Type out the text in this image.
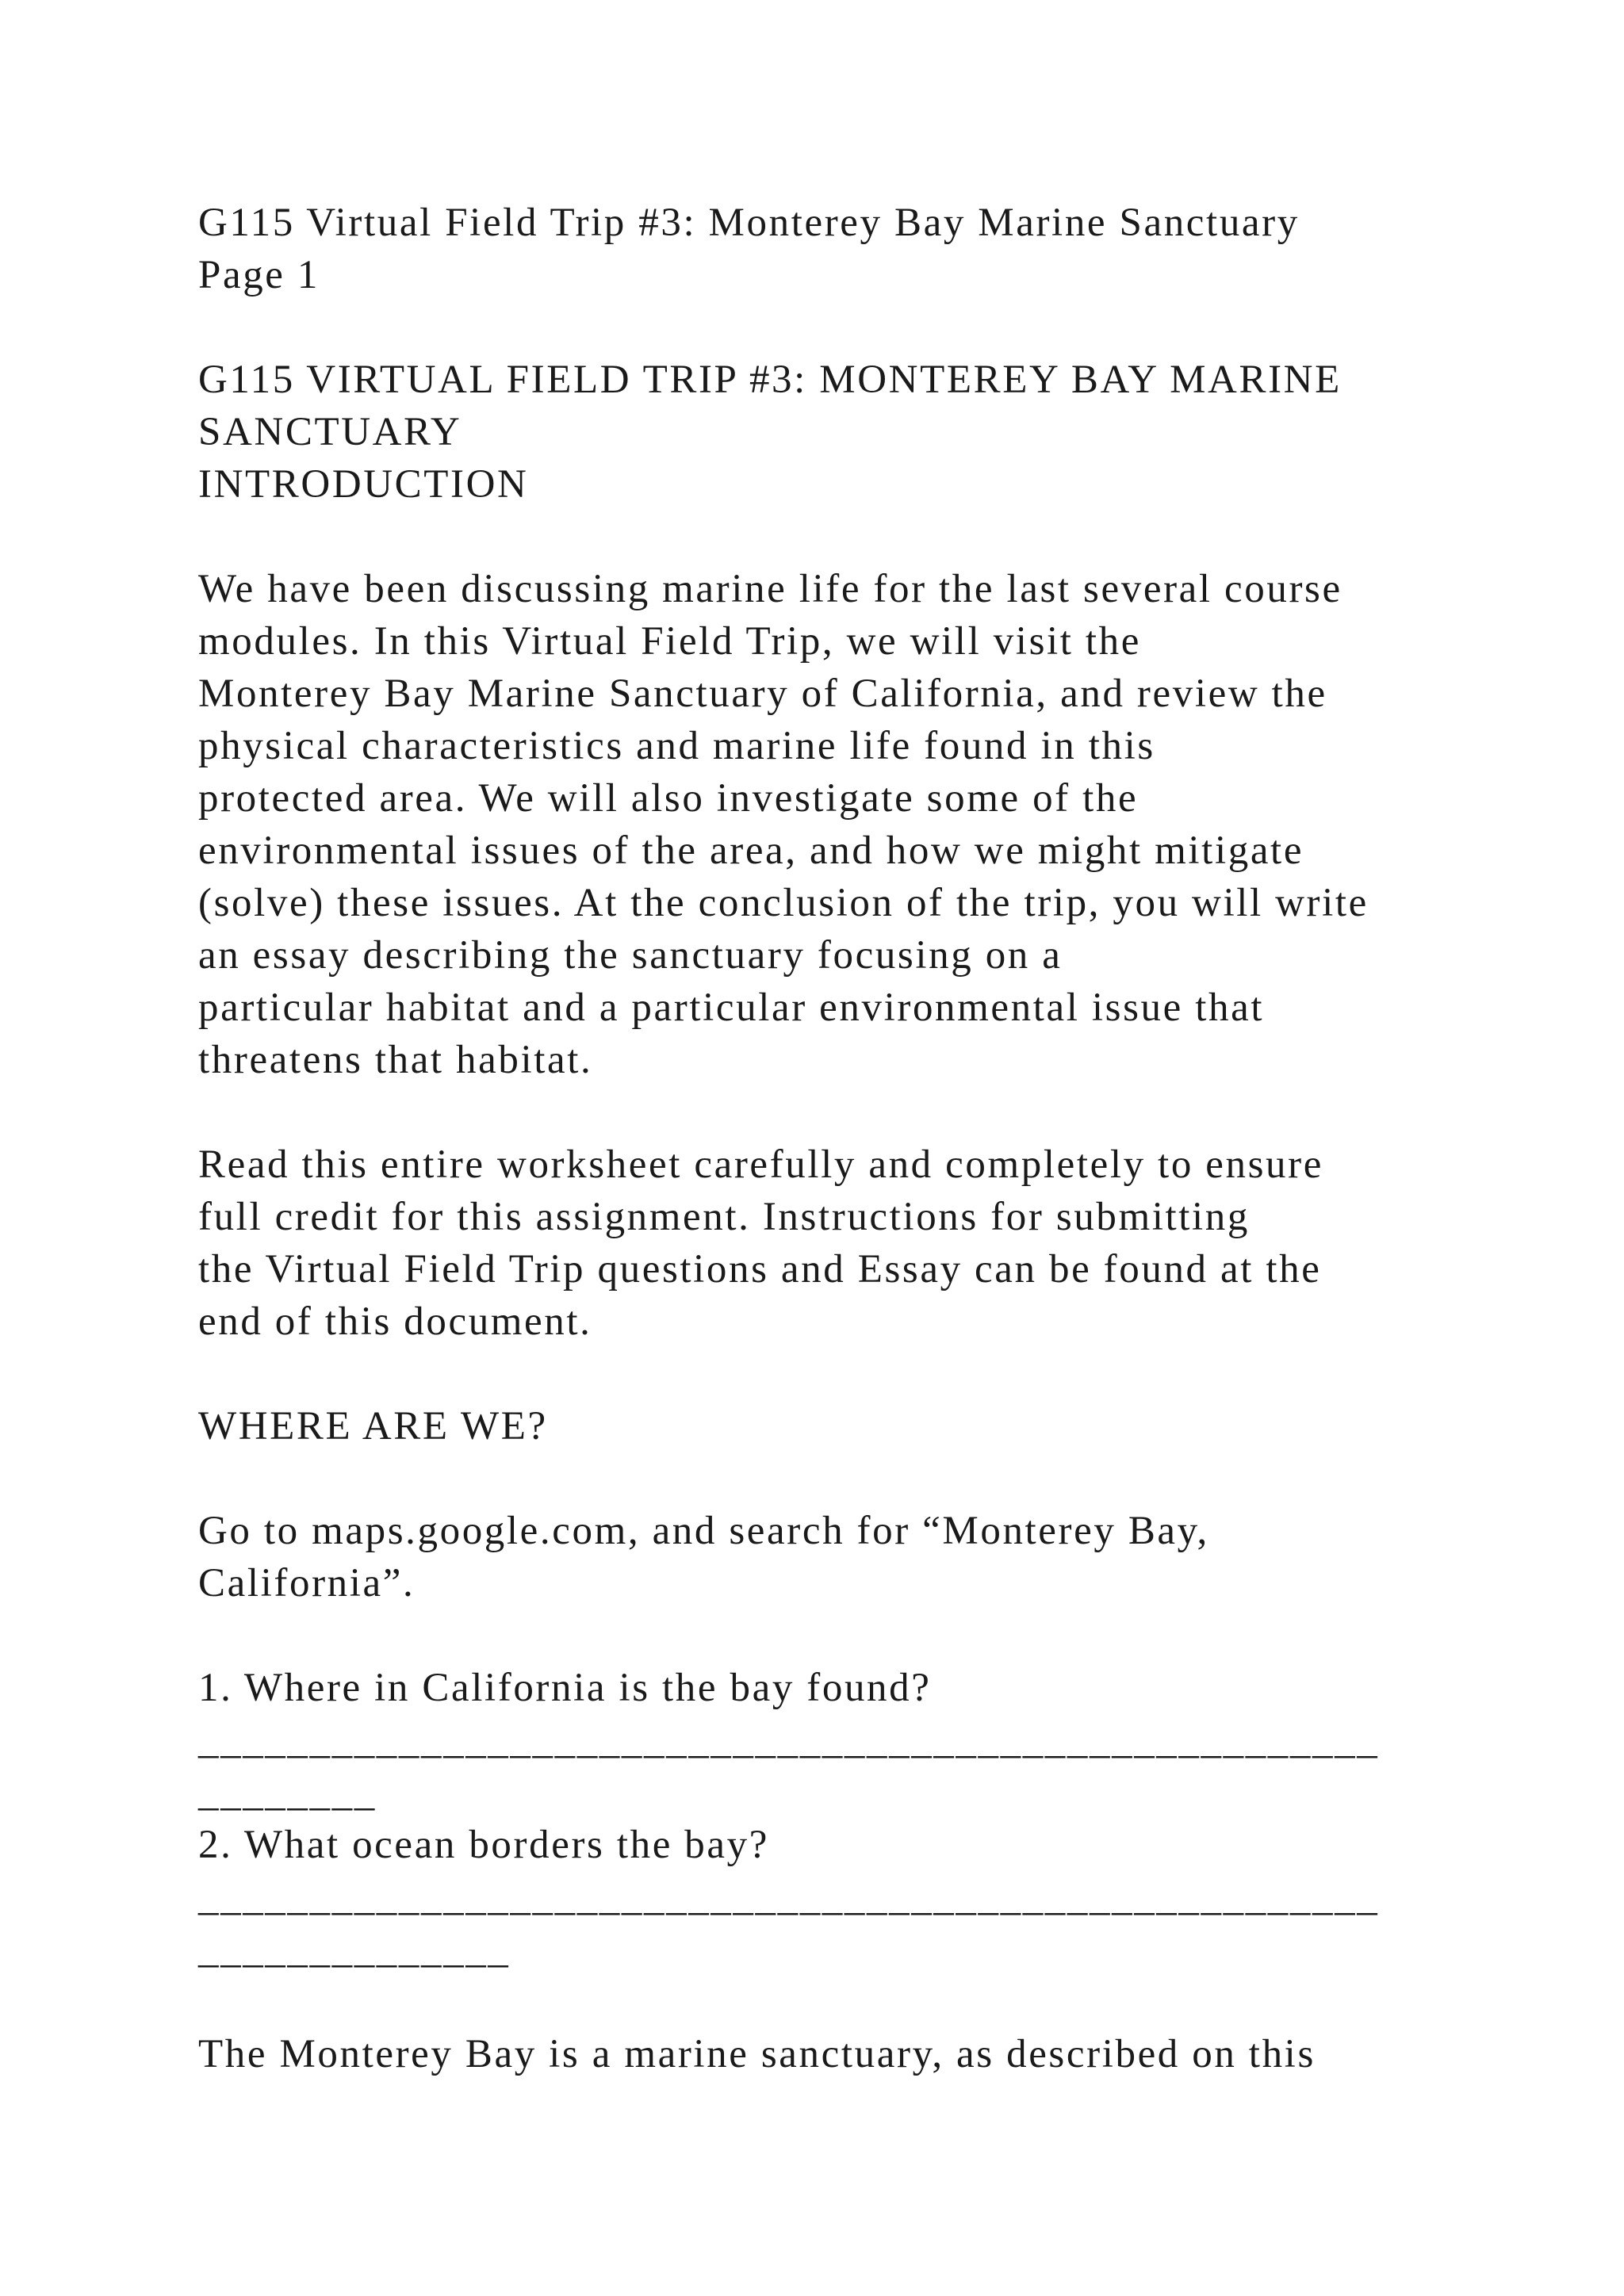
G115 Virtual Field Trip #3: Monterey Bay Marine Sanctuary
Page 1
G115 VIRTUAL FIELD TRIP #3: MONTEREY BAY MARINE
SANCTUARY
INTRODUCTION
We have been discussing marine life for the last several course
modules. In this Virtual Field Trip, we will visit the
Monterey Bay Marine Sanctuary of California, and review the
physical characteristics and marine life found in this
protected area. We will also investigate some of the
environmental issues of the area, and how we might mitigate
(solve) these issues. At the conclusion of the trip, you will write
an essay describing the sanctuary focusing on a
particular habitat and a particular environmental issue that
threatens that habitat.
Read this entire worksheet carefully and completely to ensure
full credit for this assignment. Instructions for submitting
the Virtual Field Trip questions and Essay can be found at the
end of this document.
WHERE ARE WE?
Go to maps.google.com, and search for “Monterey Bay,
California”.
1. Where in California is the bay found?
_____________________________________________________
________
2. What ocean borders the bay?
_____________________________________________________
______________
The Monterey Bay is a marine sanctuary, as described on this
